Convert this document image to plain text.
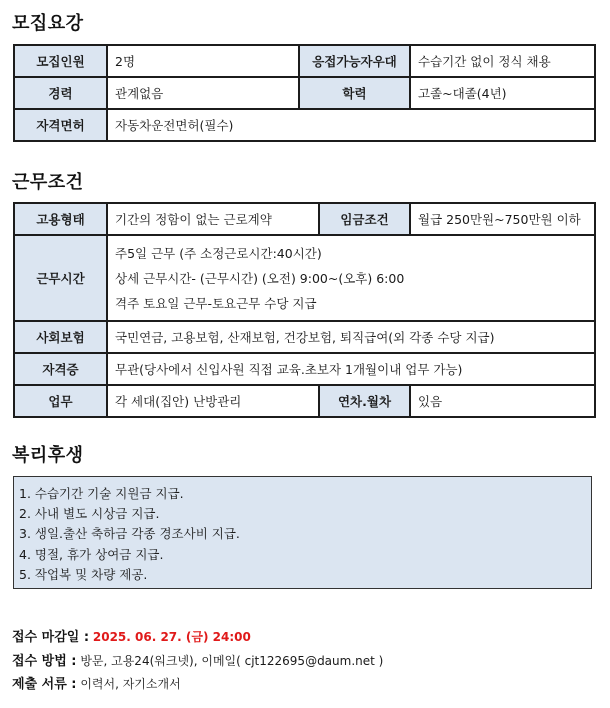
모집요강
모집인원	2명	응접가능자우대	수습기간 없이 정식 채용
경력	관계없음	학력	고졸~대졸(4년)
자격면허	자동차운전면허(필수)		
근무조건
고용형태	기간의 정함이 없는 근로계약	임금조건	월급 250만원~750만원 이하
근무시간	주5일 근무 (주 소정근로시간:40시간)
상세 근무시간- (근무시간) (오전) 9:00~(오후) 6:00
격주 토요일 근무-토요근무 수당 지급		

사회보험	국민연금, 고용보험, 산재보험, 건강보험, 퇴직급여(외 각종 수당 지급)		
자격증	무관(당사에서 신입사원 직접 교육.초보자 1개월이내 업무 가능)		
업무	각 세대(집안) 난방관리	연차.월차	있음
복리후생
1. 수습기간 기술 지원금 지급.
2. 사내 별도 시상금 지급.
3. 생일.출산 축하금 각종 경조사비 지급.
4. 명절, 휴가 상여금 지급.
5. 작업복 및 차량 제공.
접수 마감일 : 2025. 06. 27. (금) 24:00
접수 방법 : 방문, 고용24(워크넷), 이메일( cjt122695@daum.net )
제출 서류 : 이력서, 자기소개서
